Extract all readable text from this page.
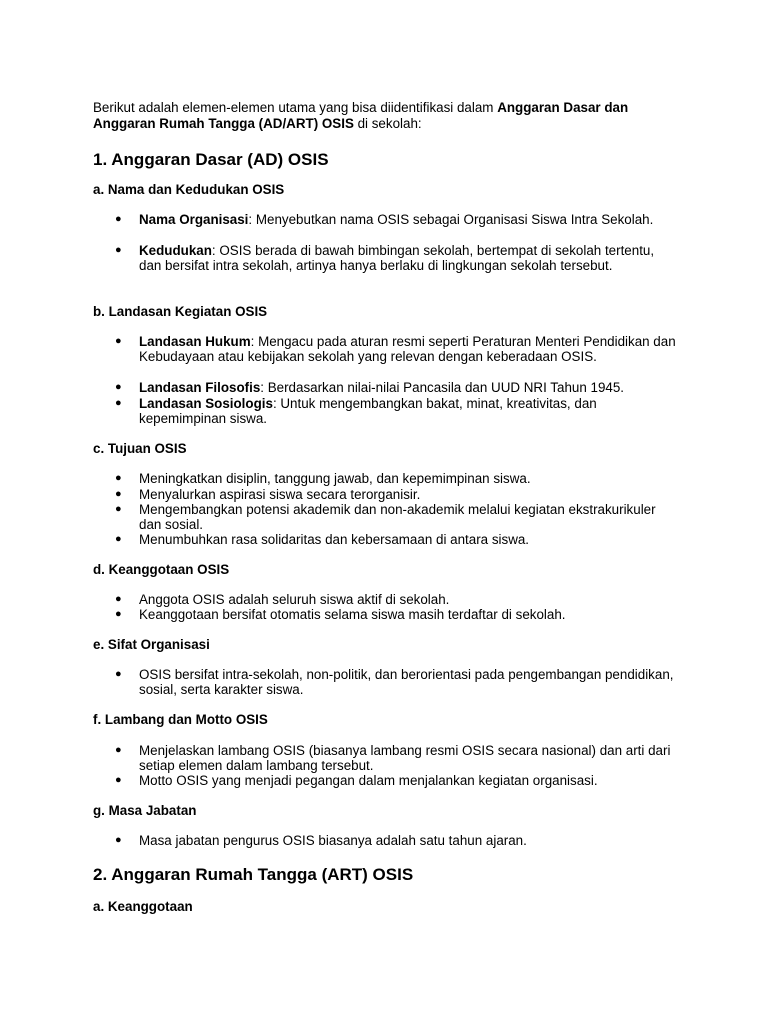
Berikut adalah elemen-elemen utama yang bisa diidentifikasi dalam Anggaran Dasar dan Anggaran Rumah Tangga (AD/ART) OSIS di sekolah:
1. Anggaran Dasar (AD) OSIS
a. Nama dan Kedudukan OSIS
● Nama Organisasi: Menyebutkan nama OSIS sebagai Organisasi Siswa Intra Sekolah.
● Kedudukan: OSIS berada di bawah bimbingan sekolah, bertempat di sekolah tertentu, dan bersifat intra sekolah, artinya hanya berlaku di lingkungan sekolah tersebut.
b. Landasan Kegiatan OSIS
● Landasan Hukum: Mengacu pada aturan resmi seperti Peraturan Menteri Pendidikan dan Kebudayaan atau kebijakan sekolah yang relevan dengan keberadaan OSIS.
● Landasan Filosofis: Berdasarkan nilai-nilai Pancasila dan UUD NRI Tahun 1945.
● Landasan Sosiologis: Untuk mengembangkan bakat, minat, kreativitas, dan kepemimpinan siswa.
c. Tujuan OSIS
● Meningkatkan disiplin, tanggung jawab, dan kepemimpinan siswa.
● Menyalurkan aspirasi siswa secara terorganisir.
● Mengembangkan potensi akademik dan non-akademik melalui kegiatan ekstrakurikuler dan sosial.
● Menumbuhkan rasa solidaritas dan kebersamaan di antara siswa.
d. Keanggotaan OSIS
● Anggota OSIS adalah seluruh siswa aktif di sekolah.
● Keanggotaan bersifat otomatis selama siswa masih terdaftar di sekolah.
e. Sifat Organisasi
● OSIS bersifat intra-sekolah, non-politik, dan berorientasi pada pengembangan pendidikan, sosial, serta karakter siswa.
f. Lambang dan Motto OSIS
● Menjelaskan lambang OSIS (biasanya lambang resmi OSIS secara nasional) dan arti dari setiap elemen dalam lambang tersebut.
● Motto OSIS yang menjadi pegangan dalam menjalankan kegiatan organisasi.
g. Masa Jabatan
● Masa jabatan pengurus OSIS biasanya adalah satu tahun ajaran.
2. Anggaran Rumah Tangga (ART) OSIS
a. Keanggotaan
